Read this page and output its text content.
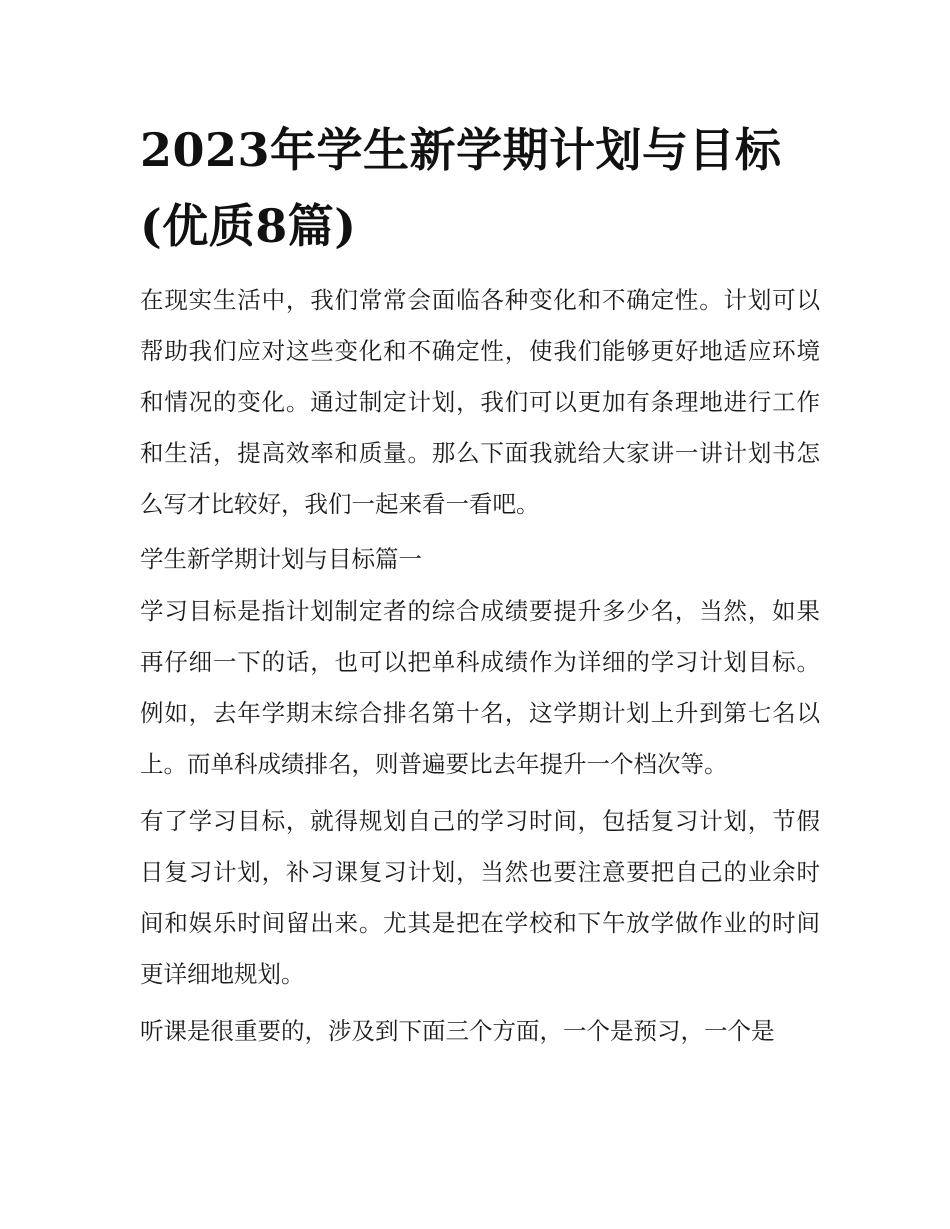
2023年学生新学期计划与目标
(优质8篇)

在现实生活中，我们常常会面临各种变化和不确定性。计划可以帮助我们应对这些变化和不确定性，使我们能够更好地适应环境和情况的变化。通过制定计划，我们可以更加有条理地进行工作和生活，提高效率和质量。那么下面我就给大家讲一讲计划书怎么写才比较好，我们一起来看一看吧。

学生新学期计划与目标篇一

学习目标是指计划制定者的综合成绩要提升多少名，当然，如果再仔细一下的话，也可以把单科成绩作为详细的学习计划目标。例如，去年学期末综合排名第十名，这学期计划上升到第七名以上。而单科成绩排名，则普遍要比去年提升一个档次等。

有了学习目标，就得规划自己的学习时间，包括复习计划，节假日复习计划，补习课复习计划，当然也要注意要把自己的业余时间和娱乐时间留出来。尤其是把在学校和下午放学做作业的时间更详细地规划。

听课是很重要的，涉及到下面三个方面，一个是预习，一个是
